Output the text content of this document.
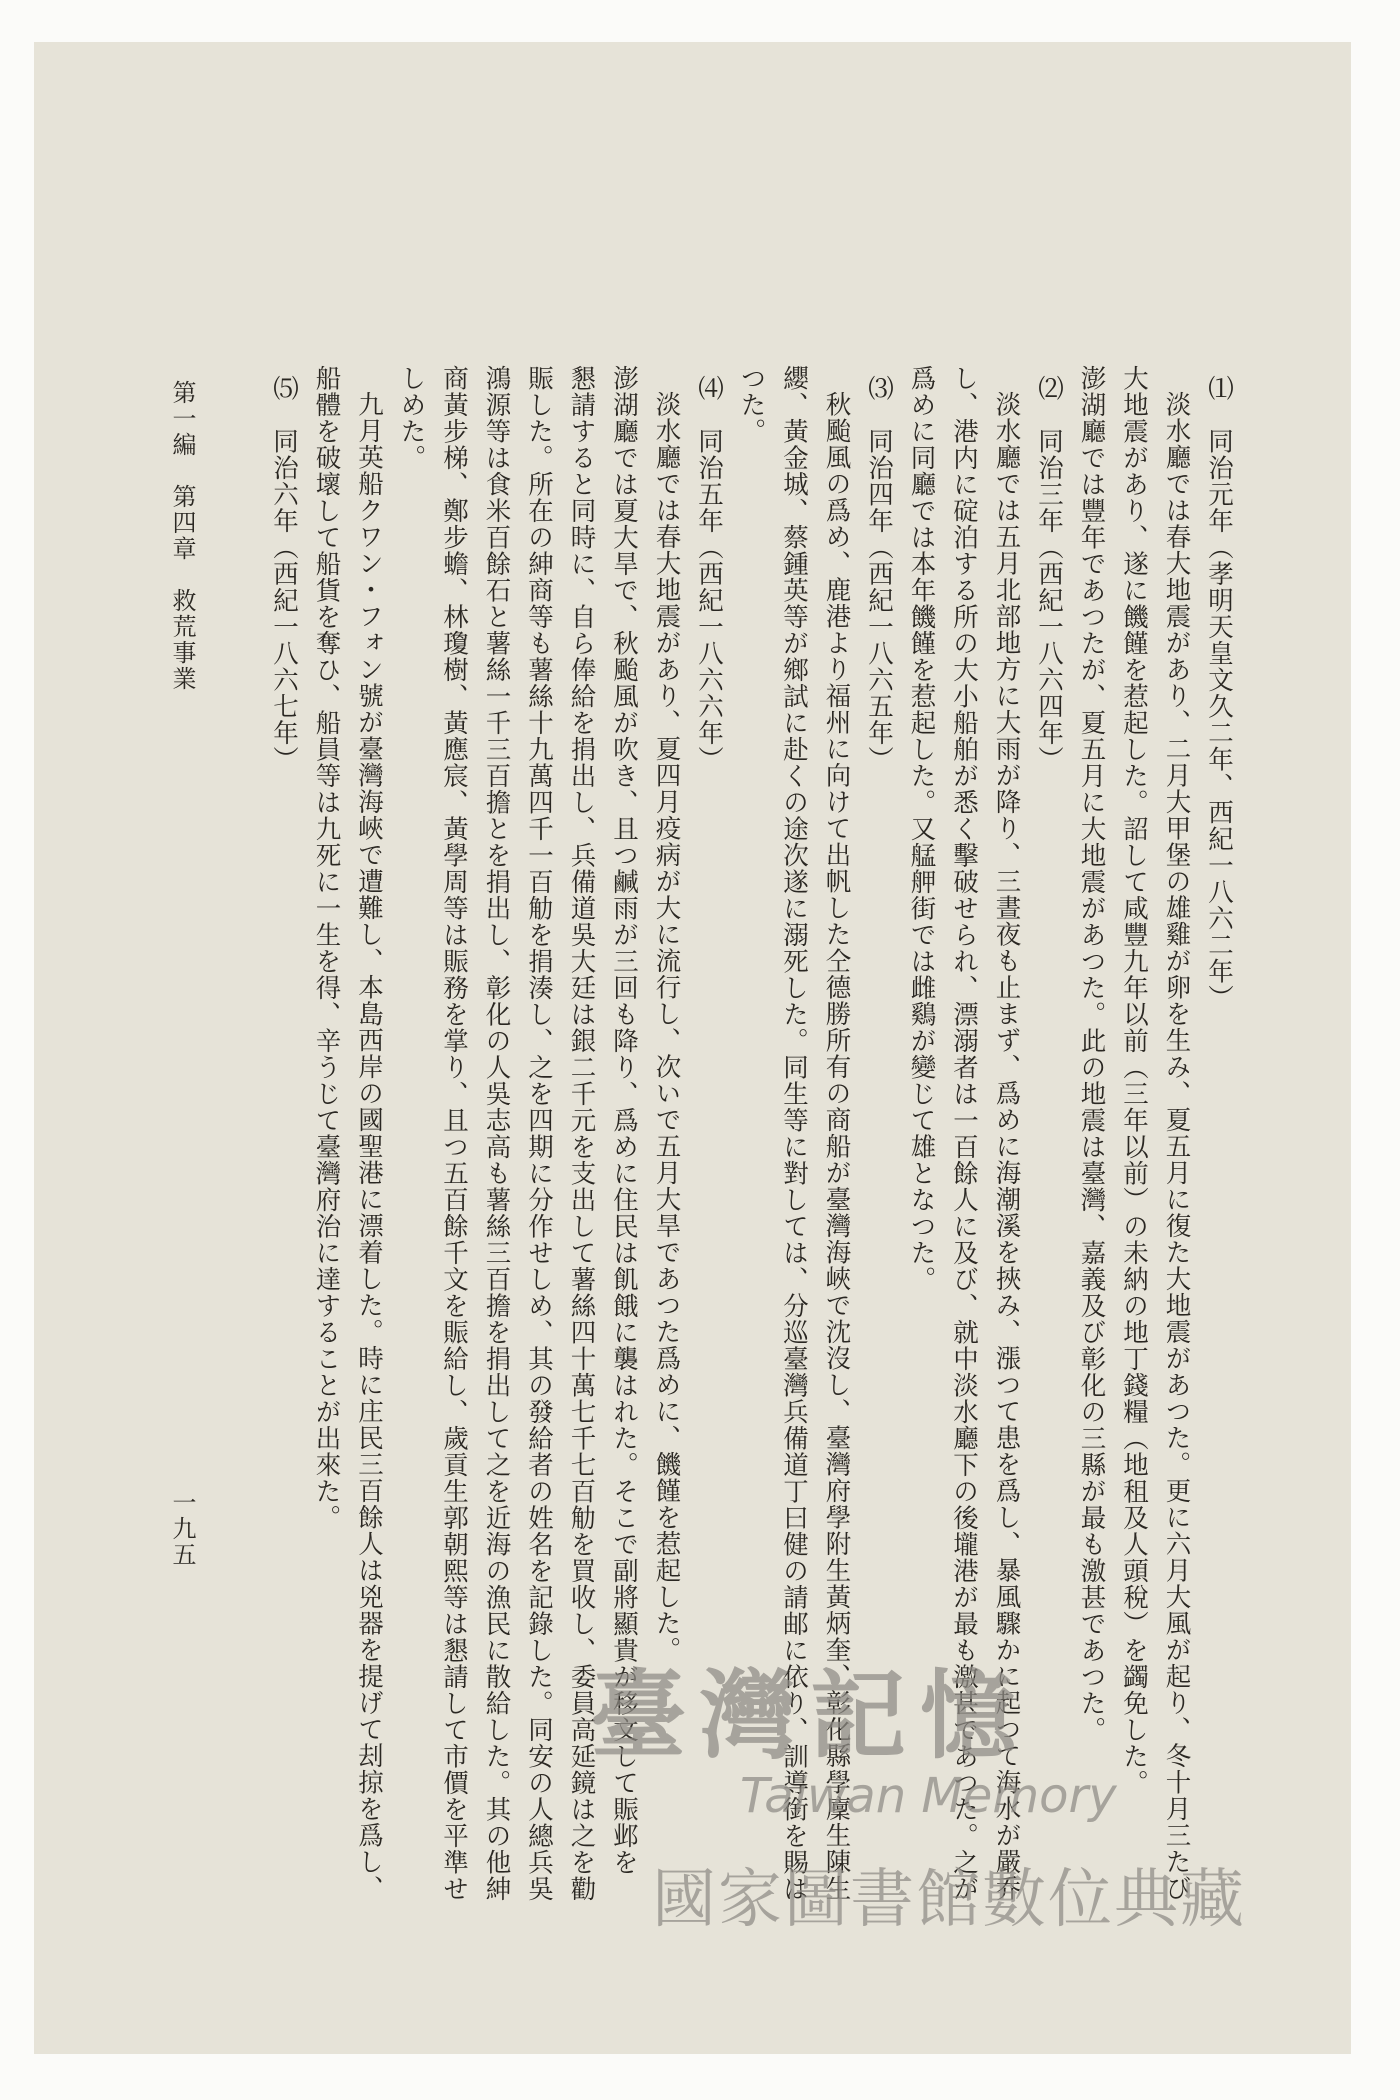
⑴　同治元年（孝明天皇文久二年、西紀一八六二年）
淡水廳では春大地震があり、二月大甲堡の雄雞が卵を生み、夏五月に復た大地震があつた。更に六月大風が起り、冬十月三たび
大地震があり、遂に饑饉を惹起した。詔して咸豐九年以前（三年以前）の未納の地丁錢糧（地租及人頭稅）を蠲免した。
澎湖廳では豐年であつたが、夏五月に大地震があつた。此の地震は臺灣、嘉義及び彰化の三縣が最も激甚であつた。
⑵　同治三年（西紀一八六四年）
淡水廳では五月北部地方に大雨が降り、三晝夜も止まず、爲めに海潮溪を挾み、漲つて患を爲し、暴風驟かに起つて海水が嚴乔
し、港内に碇泊する所の大小船舶が悉く擊破せられ、漂溺者は一百餘人に及び、就中淡水廳下の後壠港が最も激甚であつた。之が
爲めに同廳では本年饑饉を惹起した。又艋舺街では雌鷄が變じて雄となつた。
⑶　同治四年（西紀一八六五年）
秋颱風の爲め、鹿港より福州に向けて出帆した仝德勝所有の商船が臺灣海峽で沈沒し、臺灣府學附生黃炳奎、彰化縣學廩生陳生
纓、黃金城、蔡鍾英等が鄉試に赴くの途次遂に溺死した。同生等に對しては、分巡臺灣兵備道丁曰健の請邮に依り、訓導銜を賜は
つた。
⑷　同治五年（西紀一八六六年）
淡水廳では春大地震があり、夏四月疫病が大に流行し、次いで五月大旱であつた爲めに、饑饉を惹起した。
澎湖廳では夏大旱で、秋颱風が吹き、且つ鹹雨が三回も降り、爲めに住民は飢餓に襲はれた。そこで副將顯貴が移文して賑邺を
懇請すると同時に、自ら俸給を捐出し、兵備道吳大廷は銀二千元を支出して薯絲四十萬七千七百觔を買收し、委員高延鏡は之を勸
賑した。所在の紳商等も薯絲十九萬四千一百觔を捐湊し、之を四期に分作せしめ、其の發給者の姓名を記錄した。同安の人總兵吳
鴻源等は食米百餘石と薯絲一千三百擔とを捐出し、彰化の人吳志高も薯絲三百擔を捐出して之を近海の漁民に散給した。其の他紳
商黃步梯、鄭步蟾、林瓊樹、黃應宸、黃學周等は賑務を掌り、且つ五百餘千文を賑給し、歲貢生郭朝熙等は懇請して市價を平準せ
しめた。
九月英船クワン・フォン號が臺灣海峽で遭難し、本島西岸の國聖港に漂着した。時に庄民三百餘人は兇器を提げて刦掠を爲し、
船體を破壞して船貨を奪ひ、船員等は九死に一生を得、辛うじて臺灣府治に達することが出來た。
⑸　同治六年（西紀一八六七年）
第一編　第四章　救荒事業
一九五
臺灣記憶
Taiwan Memory
國家圖書館數位典藏
